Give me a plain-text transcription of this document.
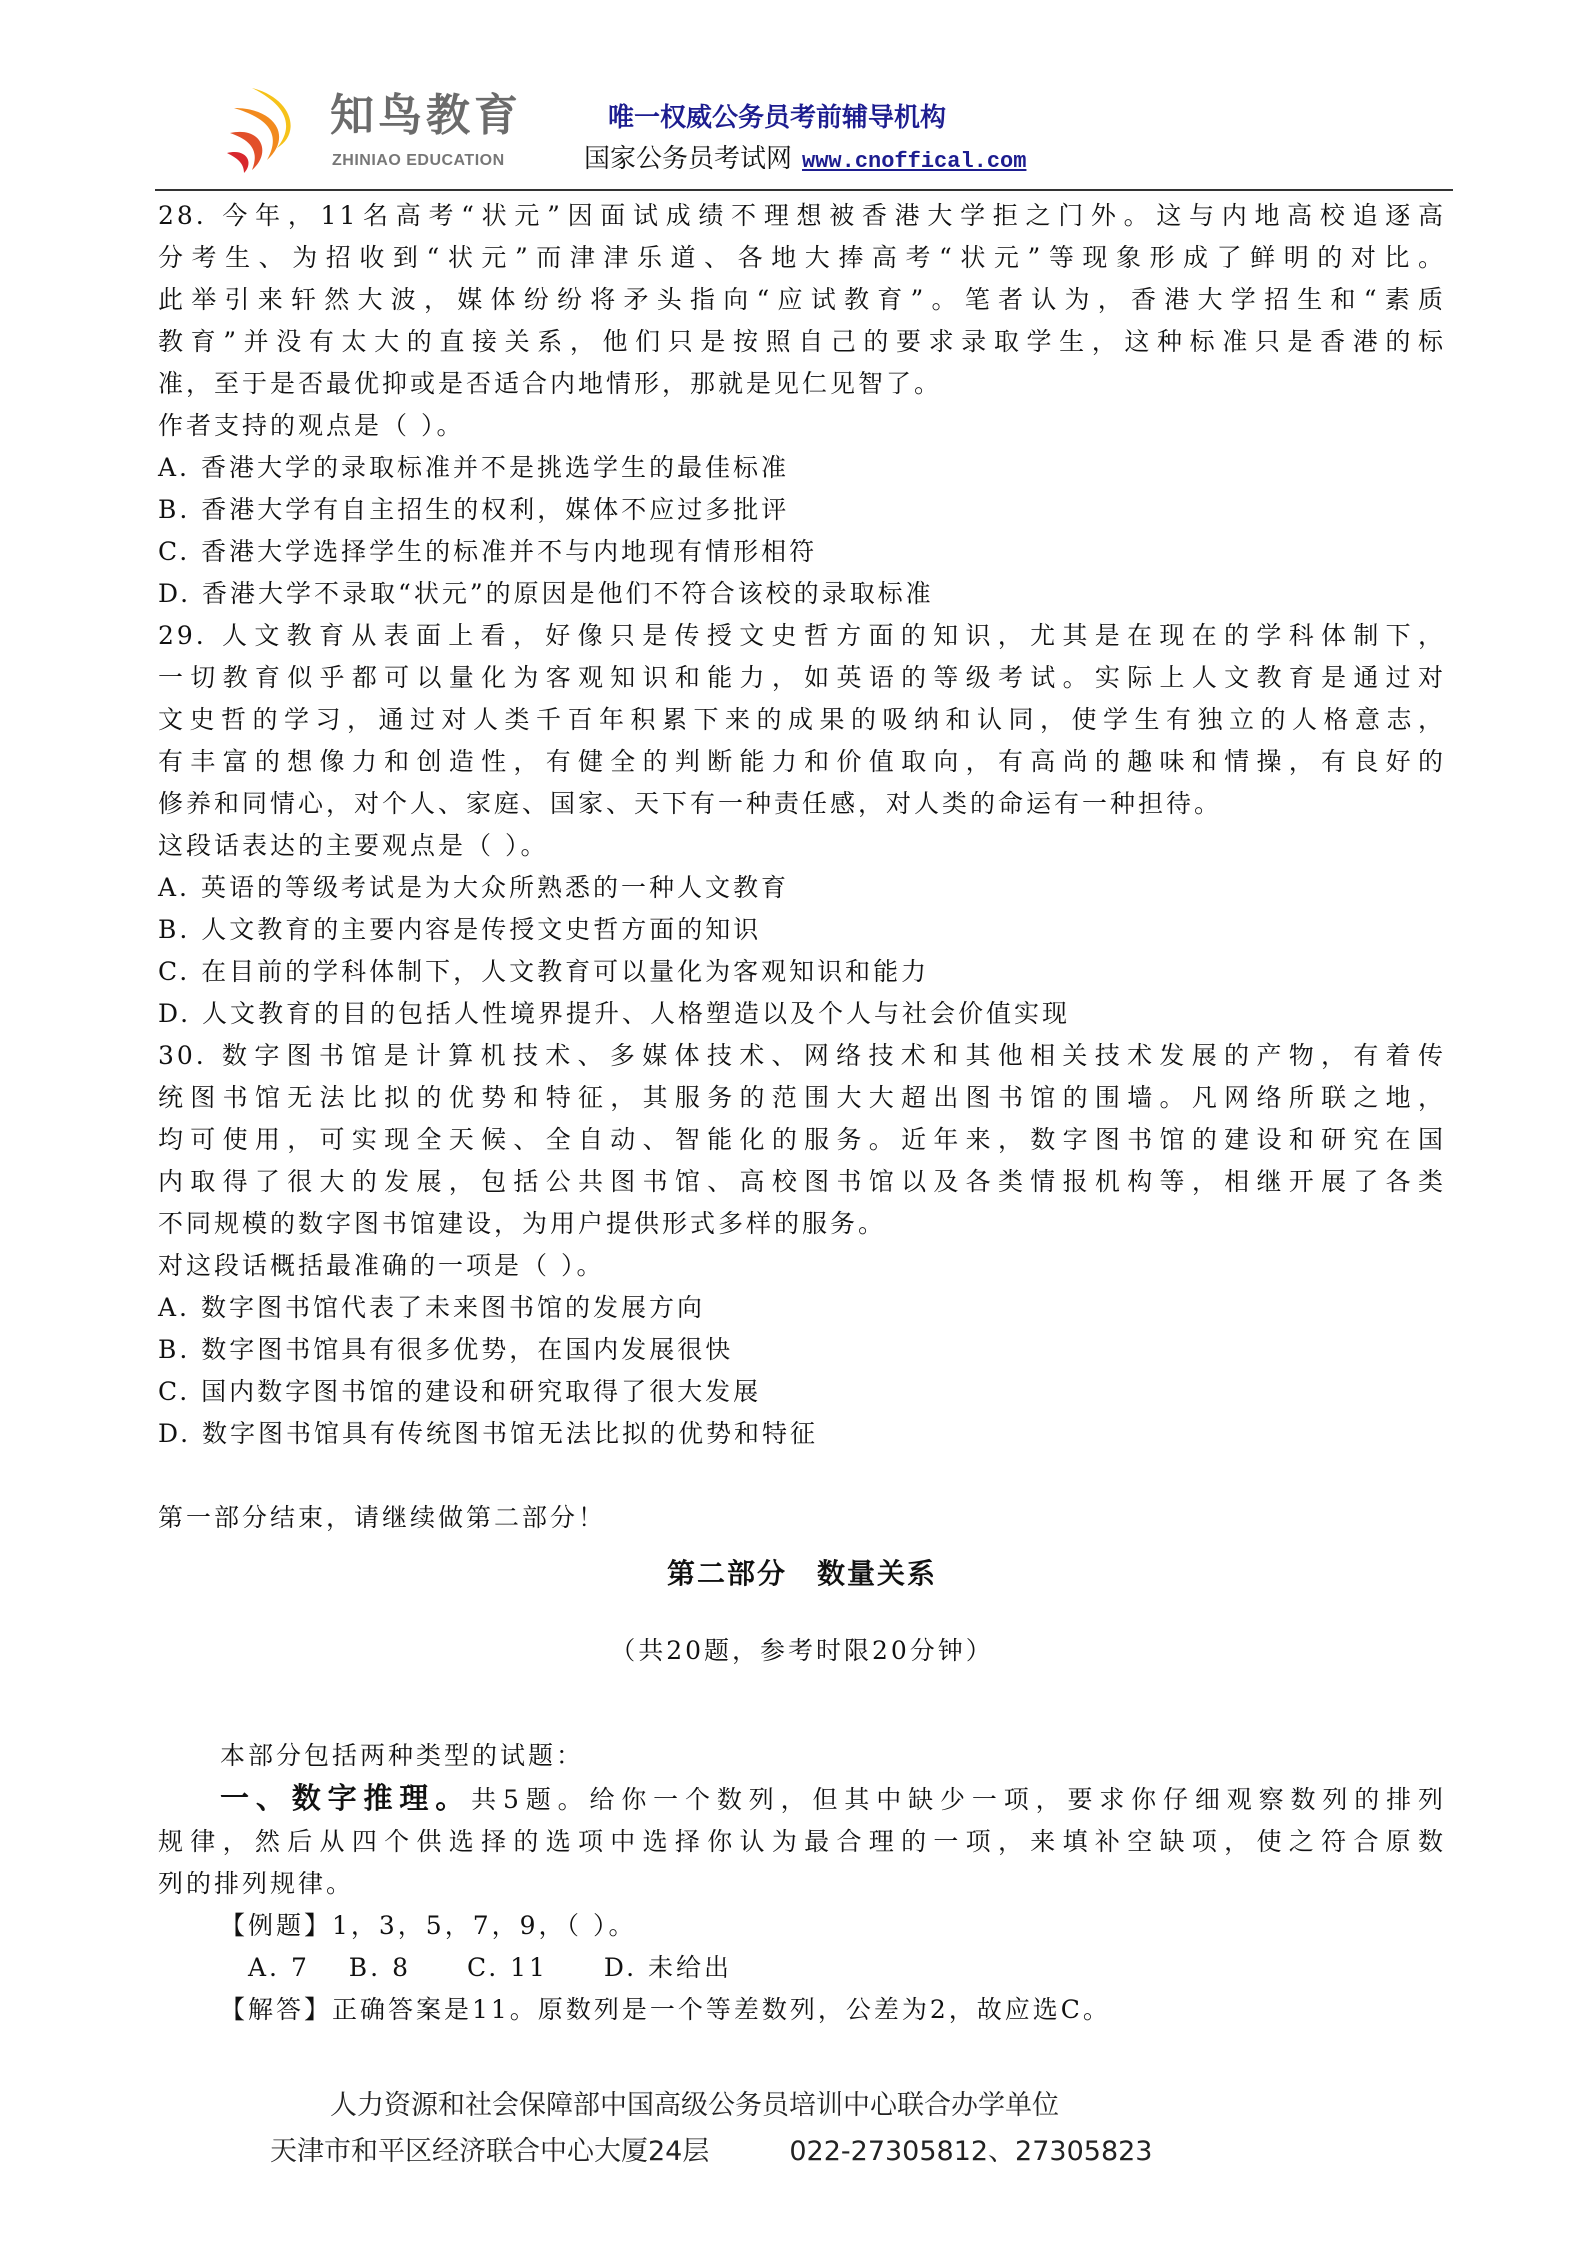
知鸟教育
ZHINIAO EDUCATION
唯一权威公务员考前辅导机构
国家公务员考试网 www.cnoffical.com
28. 今年，11名高考“状元”因面试成绩不理想被香港大学拒之门外。这与内地高校追逐高
分考生、为招收到“状元”而津津乐道、各地大捧高考“状元”等现象形成了鲜明的对比。
此举引来轩然大波，媒体纷纷将矛头指向“应试教育”。笔者认为，香港大学招生和“素质
教育”并没有太大的直接关系，他们只是按照自己的要求录取学生，这种标准只是香港的标
准，至于是否最优抑或是否适合内地情形，那就是见仁见智了。
作者支持的观点是（ ）。
A. 香港大学的录取标准并不是挑选学生的最佳标准
B. 香港大学有自主招生的权利，媒体不应过多批评
C. 香港大学选择学生的标准并不与内地现有情形相符
D. 香港大学不录取“状元”的原因是他们不符合该校的录取标准
29. 人文教育从表面上看，好像只是传授文史哲方面的知识，尤其是在现在的学科体制下，
一切教育似乎都可以量化为客观知识和能力，如英语的等级考试。实际上人文教育是通过对
文史哲的学习，通过对人类千百年积累下来的成果的吸纳和认同，使学生有独立的人格意志，
有丰富的想像力和创造性，有健全的判断能力和价值取向，有高尚的趣味和情操，有良好的
修养和同情心，对个人、家庭、国家、天下有一种责任感，对人类的命运有一种担待。
这段话表达的主要观点是（ ）。
A. 英语的等级考试是为大众所熟悉的一种人文教育
B. 人文教育的主要内容是传授文史哲方面的知识
C. 在目前的学科体制下，人文教育可以量化为客观知识和能力
D. 人文教育的目的包括人性境界提升、人格塑造以及个人与社会价值实现
30. 数字图书馆是计算机技术、多媒体技术、网络技术和其他相关技术发展的产物，有着传
统图书馆无法比拟的优势和特征，其服务的范围大大超出图书馆的围墙。凡网络所联之地，
均可使用，可实现全天候、全自动、智能化的服务。近年来，数字图书馆的建设和研究在国
内取得了很大的发展，包括公共图书馆、高校图书馆以及各类情报机构等，相继开展了各类
不同规模的数字图书馆建设，为用户提供形式多样的服务。
对这段话概括最准确的一项是（ ）。
A. 数字图书馆代表了未来图书馆的发展方向
B. 数字图书馆具有很多优势，在国内发展很快
C. 国内数字图书馆的建设和研究取得了很大发展
D. 数字图书馆具有传统图书馆无法比拟的优势和特征
第一部分结束，请继续做第二部分！
第二部分　数量关系
（共20题，参考时限20分钟）
本部分包括两种类型的试题：
一、数字推理。共5题。给你一个数列，但其中缺少一项，要求你仔细观察数列的排列
规律，然后从四个供选择的选项中选择你认为最合理的一项，来填补空缺项，使之符合原数
列的排列规律。
【例题】1，3，5，7，9，（ ）。
A. 7　 B. 8　　C. 11　　D. 未给出
【解答】正确答案是11。原数列是一个等差数列，公差为2，故应选C。
人力资源和社会保障部中国高级公务员培训中心联合办学单位
天津市和平区经济联合中心大厦24层	022-27305812、27305823
